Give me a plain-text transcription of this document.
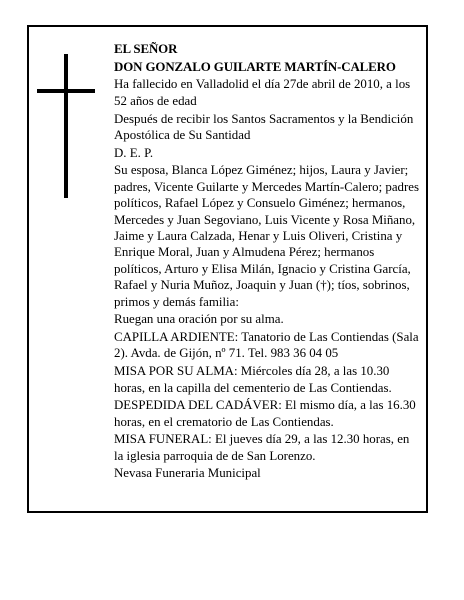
EL SEÑOR

DON GONZALO GUILARTE MARTÍN-CALERO

Ha fallecido en Valladolid el día 27de abril de 2010, a los 52 años de edad

Después de recibir los Santos Sacramentos y la Bendición Apostólica de Su Santidad

D. E. P.

Su esposa, Blanca López Giménez; hijos, Laura y Javier; padres, Vicente Guilarte y Mercedes Martín-Calero; padres políticos, Rafael López y Consuelo Giménez; hermanos, Mercedes y Juan Segoviano, Luis Vicente y Rosa Miñano, Jaime y Laura Calzada, Henar y Luis Oliveri, Cristina y Enrique Moral, Juan y Almudena Pérez; hermanos políticos, Arturo y Elisa Milán, Ignacio y Cristina García, Rafael y Nuria Muñoz, Joaquin y Juan (†); tíos, sobrinos, primos y demás familia:

Ruegan una oración por su alma.

CAPILLA ARDIENTE: Tanatorio de Las Contiendas (Sala 2). Avda. de Gijón, nº 71. Tel. 983 36 04 05

MISA POR SU ALMA: Miércoles día 28, a las 10.30 horas, en la capilla del cementerio de Las Contiendas.

DESPEDIDA DEL CADÁVER: El mismo día, a las 16.30 horas, en el crematorio de Las Contiendas.

MISA FUNERAL: El jueves día 29, a las 12.30 horas, en la iglesia parroquia de de San Lorenzo.

Nevasa Funeraria Municipal
